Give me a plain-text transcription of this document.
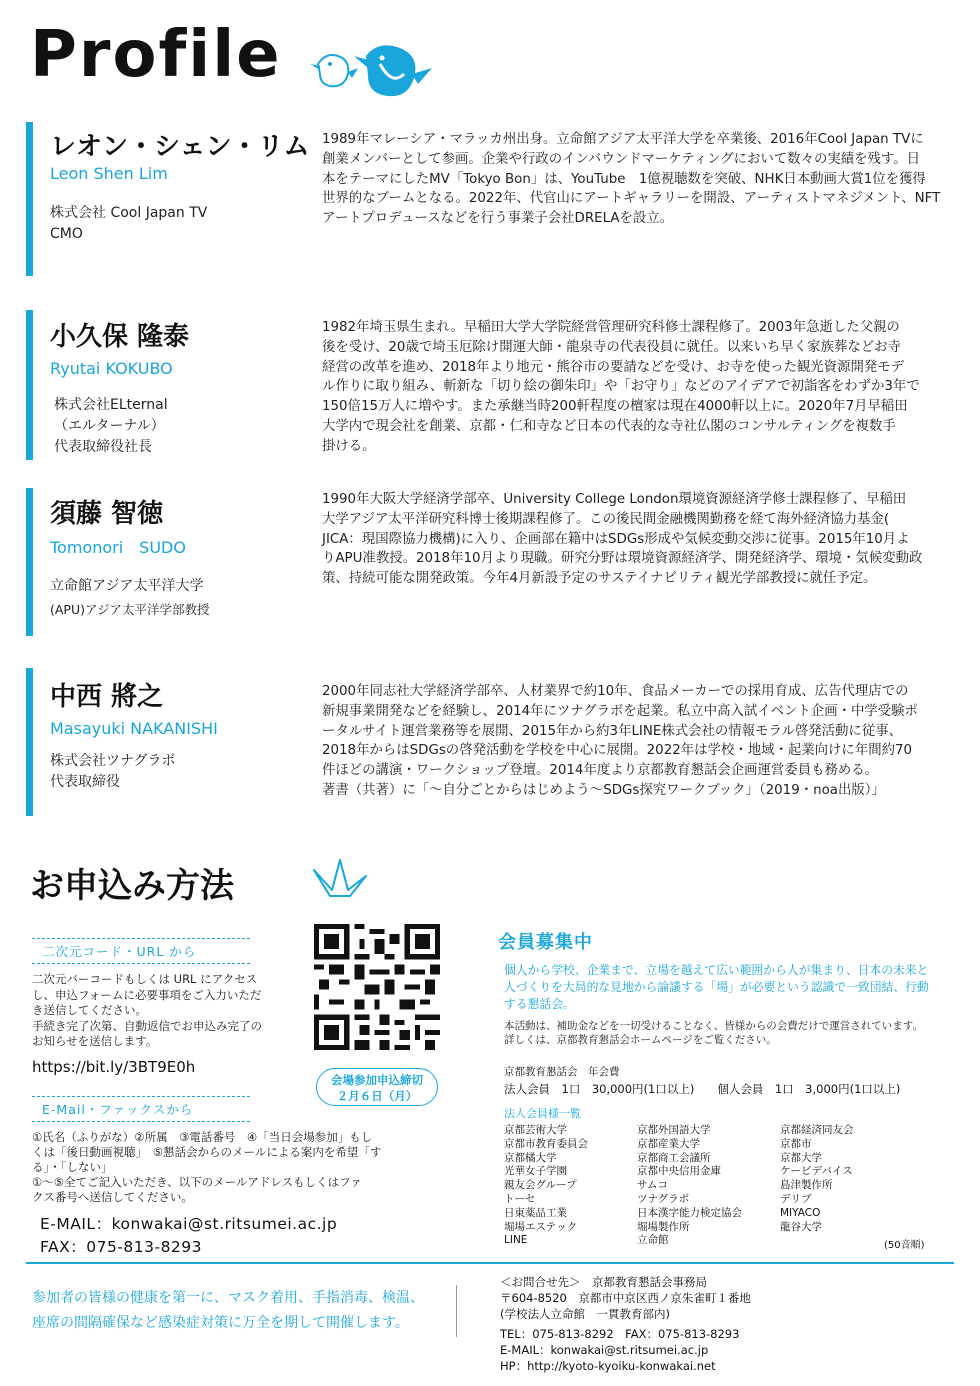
Profile
レオン・シェン・リム
Leon Shen Lim
株式会社 Cool Japan TV
CMO
1989年マレーシア・マラッカ州出身。立命館アジア太平洋大学を卒業後、2016年Cool Japan TVに
創業メンバーとして参画。企業や行政のインバウンドマーケティングにおいて数々の実績を残す。日
本をテーマにしたMV「Tokyo Bon」は、YouTube　1億視聴数を突破、NHK日本動画大賞1位を獲得
世界的なブームとなる。2022年、代官山にアートギャラリーを開設、アーティストマネジメント、NFT
アートプロデュースなどを行う事業子会社DRELAを設立。
小久保 隆泰
Ryutai KOKUBO
株式会社ELternal
（エルターナル）
代表取締役社長
1982年埼玉県生まれ。早稲田大学大学院経営管理研究科修士課程修了。2003年急逝した父親の
後を受け、20歳で埼玉厄除け開運大師・龍泉寺の代表役員に就任。以来いち早く家族葬などお寺
経営の改革を進め、2018年より地元・熊谷市の要請などを受け、お寺を使った観光資源開発モデ
ル作りに取り組み、斬新な「切り絵の御朱印」や「お守り」などのアイデアで初詣客をわずか3年で
150倍15万人に増やす。また承継当時200軒程度の檀家は現在4000軒以上に。2020年7月早稲田
大学内で現会社を創業、京都・仁和寺など日本の代表的な寺社仏閣のコンサルティングを複数手
掛ける。
須藤 智徳
Tomonori　SUDO
立命館アジア太平洋大学
(APU)アジア太平洋学部教授
1990年大阪大学経済学部卒、University College London環境資源経済学修士課程修了、早稲田
大学アジア太平洋研究科博士後期課程修了。この後民間金融機関勤務を経て海外経済協力基金(
JICA：現国際協力機構)に入り、企画部在籍中はSDGs形成や気候変動交渉に従事。2015年10月よ
りAPU准教授。2018年10月より現職。研究分野は環境資源経済学、開発経済学、環境・気候変動政
策、持続可能な開発政策。今年4月新設予定のサステイナビリティ観光学部教授に就任予定。
中西 將之
Masayuki NAKANISHI
株式会社ツナグラボ
代表取締役
2000年同志社大学経済学部卒、人材業界で約10年、食品メーカーでの採用育成、広告代理店での
新規事業開発などを経験し、2014年にツナグラボを起業。私立中高入試イベント企画・中学受験ポ
ータルサイト運営業務等を展開、2015年から約3年LINE株式会社の情報モラル啓発活動に従事、
2018年からはSDGsの啓発活動を学校を中心に展開。2022年は学校・地域・起業向けに年間約70
件ほどの講演・ワークショップ登壇。2014年度より京都教育懇話会企画運営委員も務める。
著書（共著）に「～自分ごとからはじめよう～SDGs探究ワークブック」（2019・noa出版）」
お申込み方法
二次元コード・URL から
二次元バーコードもしくは URL にアクセス
し、申込フォームに必要事項をご入力いただ
き送信してください。
手続き完了次第、自動返信でお申込み完了の
お知らせを送信します。
https://bit.ly/3BT9E0h
会場参加申込締切
２月６日（月）
E-Mail・ファックスから
①氏名（ふりがな）②所属　③電話番号　④「当日会場参加」もし
くは「後日動画視聴」　⑤懇話会からのメールによる案内を希望「す
る」・「しない」
①～⑤全てご記入いただき、以下のメールアドレスもしくはファ
クス番号へ送信してください。
E-MAIL：konwakai@st.ritsumei.ac.jp
FAX：075-813-8293
会員募集中
個人から学校、企業まで、立場を越えて広い範囲から人が集まり、日本の未来と
人づくりを大局的な見地から論議する「場」が必要という認識で一致団結、行動
する懇話会。
本活動は、補助金などを一切受けることなく、皆様からの会費だけで運営されています。
詳しくは、京都教育懇話会ホームページをご覧ください。
京都教育懇話会　年会費
法人会員　1口　30,000円(1口以上)　　個人会員　1口　3,000円(1口以上)
法人会員様一覧
京都芸術大学
京都市教育委員会
京都橘大学
光華女子学園
親友会グループ
トーセ
日東薬品工業
堀場エステック
LINE
京都外国語大学
京都産業大学
京都商工会議所
京都中央信用金庫
サムコ
ツナグラボ
日本漢字能力検定協会
堀場製作所
立命館
京都経済同友会
京都市
京都大学
ケービデバイス
島津製作所
デリブ
MIYACO
龍谷大学
(50音順)
参加者の皆様の健康を第一に、マスク着用、手指消毒、検温、
座席の間隔確保など感染症対策に万全を期して開催します。
＜お問合せ先＞　京都教育懇話会事務局
〒604-8520　京都市中京区西ノ京朱雀町１番地
(学校法人立命館　一貫教育部内)
TEL：075-813-8292　FAX：075-813-8293
E-MAIL：konwakai@st.ritsumei.ac.jp
HP：http://kyoto-kyoiku-konwakai.net
